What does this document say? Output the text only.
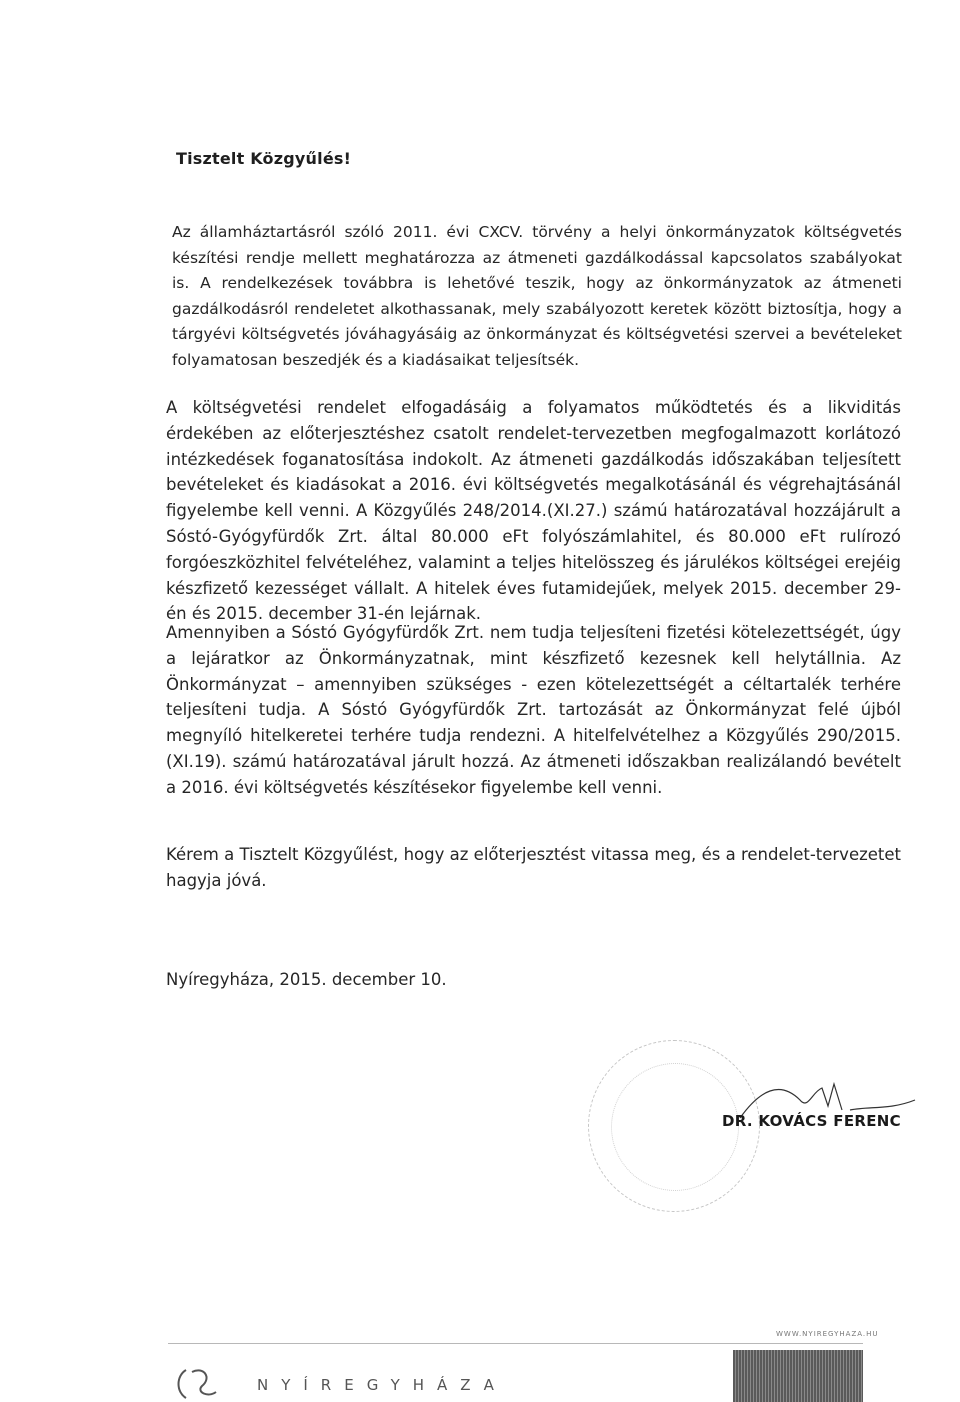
Tisztelt Közgyűlés!
Az államháztartásról szóló 2011. évi CXCV. törvény a helyi önkormányzatok költségvetés készítési rendje mellett meghatározza az átmeneti gazdálkodással kapcsolatos szabályokat is. A rendelkezések továbbra is lehetővé teszik, hogy az önkormányzatok az átmeneti gazdálkodásról rendeletet alkothassanak, mely szabályozott keretek között biztosítja, hogy a tárgyévi költségvetés jóváhagyásáig az önkormányzat és költségvetési szervei a bevételeket folyamatosan beszedjék és a kiadásaikat teljesítsék.
A költségvetési rendelet elfogadásáig a folyamatos működtetés és a likviditás érdekében az előterjesztéshez csatolt rendelet-tervezetben megfogalmazott korlátozó intézkedések foganatosítása indokolt. Az átmeneti gazdálkodás időszakában teljesített bevételeket és kiadásokat a 2016. évi költségvetés megalkotásánál és végrehajtásánál figyelembe kell venni. A Közgyűlés 248/2014.(XI.27.) számú határozatával hozzájárult a Sóstó-Gyógyfürdők Zrt. által 80.000 eFt folyószámlahitel, és 80.000 eFt rulírozó forgóeszközhitel felvételéhez, valamint a teljes hitelösszeg és járulékos költségei erejéig készfizető kezességet vállalt. A hitelek éves futamidejűek, melyek 2015. december 29-én és 2015. december 31-én lejárnak.
Amennyiben a Sóstó Gyógyfürdők Zrt. nem tudja teljesíteni fizetési kötelezettségét, úgy a lejáratkor az Önkormányzatnak, mint készfizető kezesnek kell helytállnia. Az Önkormányzat – amennyiben szükséges - ezen kötelezettségét a céltartalék terhére teljesíteni tudja. A Sóstó Gyógyfürdők Zrt. tartozását az Önkormányzat felé újból megnyíló hitelkeretei terhére tudja rendezni. A hitelfelvételhez a Közgyűlés 290/2015. (XI.19). számú határozatával járult hozzá. Az átmeneti időszakban realizálandó bevételt a 2016. évi költségvetés készítésekor figyelembe kell venni.
Kérem a Tisztelt Közgyűlést, hogy az előterjesztést vitassa meg, és a rendelet-tervezetet hagyja jóvá.
Nyíregyháza, 2015. december 10.
DR. KOVÁCS FERENC
WWW.NYIREGYHAZA.HU
NYÍREGYHÁZA
